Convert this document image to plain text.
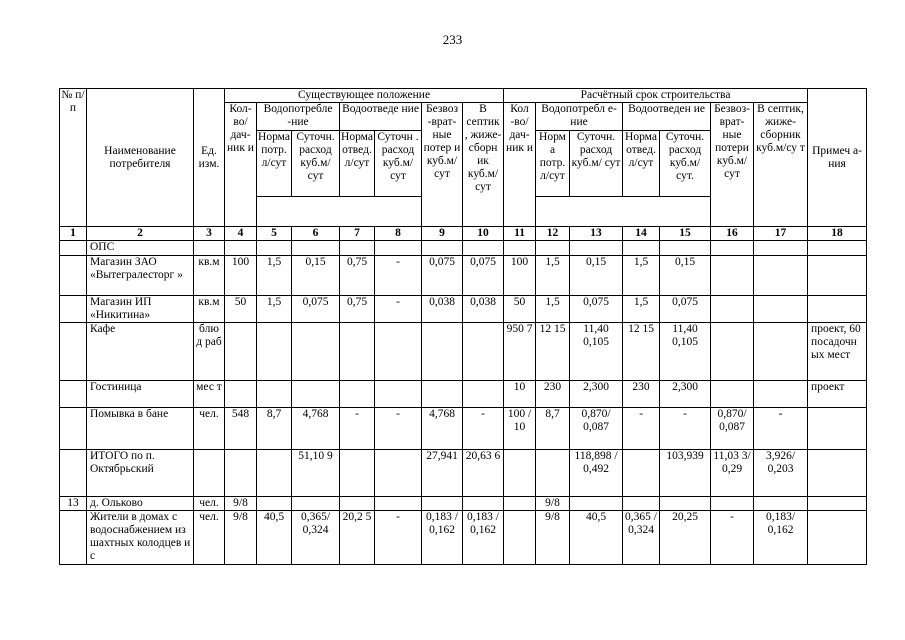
233
№ п/п	Наименование потребителя	Ед. изм.	Существующее положение							Расчётный срок строительства							Примеч а-ния
			Кол- во/ дач- ник и	Водопотребле -ние		Водоотведе ние		Безвоз -врат- ные потер и куб.м/ сут	В септик , жиже- сборн ик куб.м/ сут	Кол -во/ дач- ник и	Водопотребл е-ние		Водоотведен ие		Безвоз- врат- ные потери куб.м/ сут	В септик, жиже- сборник куб.м/су т	
				Норма потр. л/сут	Суточн. расход куб.м/ сут	Норма отвед. л/сут	Суточн . расход куб.м/ сут				Норма потр. л/сут	Суточн. расход куб.м/ сут	Норма отвед. л/сут	Суточн. расход куб.м/ сут.			

1	2	3	4	5	6	7	8	9	10	11	12	13	14	15	16	17	18
	ОПС																
	Магазин ЗАО «Вытегралесторг »	кв.м	100	1,5	0,15	0,75	-	0,075	0,075	100	1,5	0,15	1,5	0,15			
	Магазин ИП «Никитина»	кв.м	50	1,5	0,075	0,75	-	0,038	0,038	50	1,5	0,075	1,5	0,075			
	Кафе	блю д раб								950 7	12 15	11,40 0,105	12 15	11,40 0,105			проект, 60 посадочн ых мест
	Гостиница	мес т								10	230	2,300	230	2,300			проект
	Помывка в бане	чел.	548	8,7	4,768	-	-	4,768	-	100 / 10	8,7	0,870/ 0,087	-	-	0,870/ 0,087	-	
	ИТОГО по п. Октябрьский				51,10 9			27,941	20,63 6			118,898 / 0,492		103,939	11,03 3/ 0,29	3,926/ 0,203	
13	д. Ольково	чел.	9/8								9/8						
	Жители в домах с водоснабжением из шахтных колодцев и с	чел.	9/8	40,5	0,365/ 0,324	20,2 5	-	0,183 / 0,162	0,183 / 0,162		9/8	40,5	0,365 / 0,324	20,25	-	0,183/ 0,162	
